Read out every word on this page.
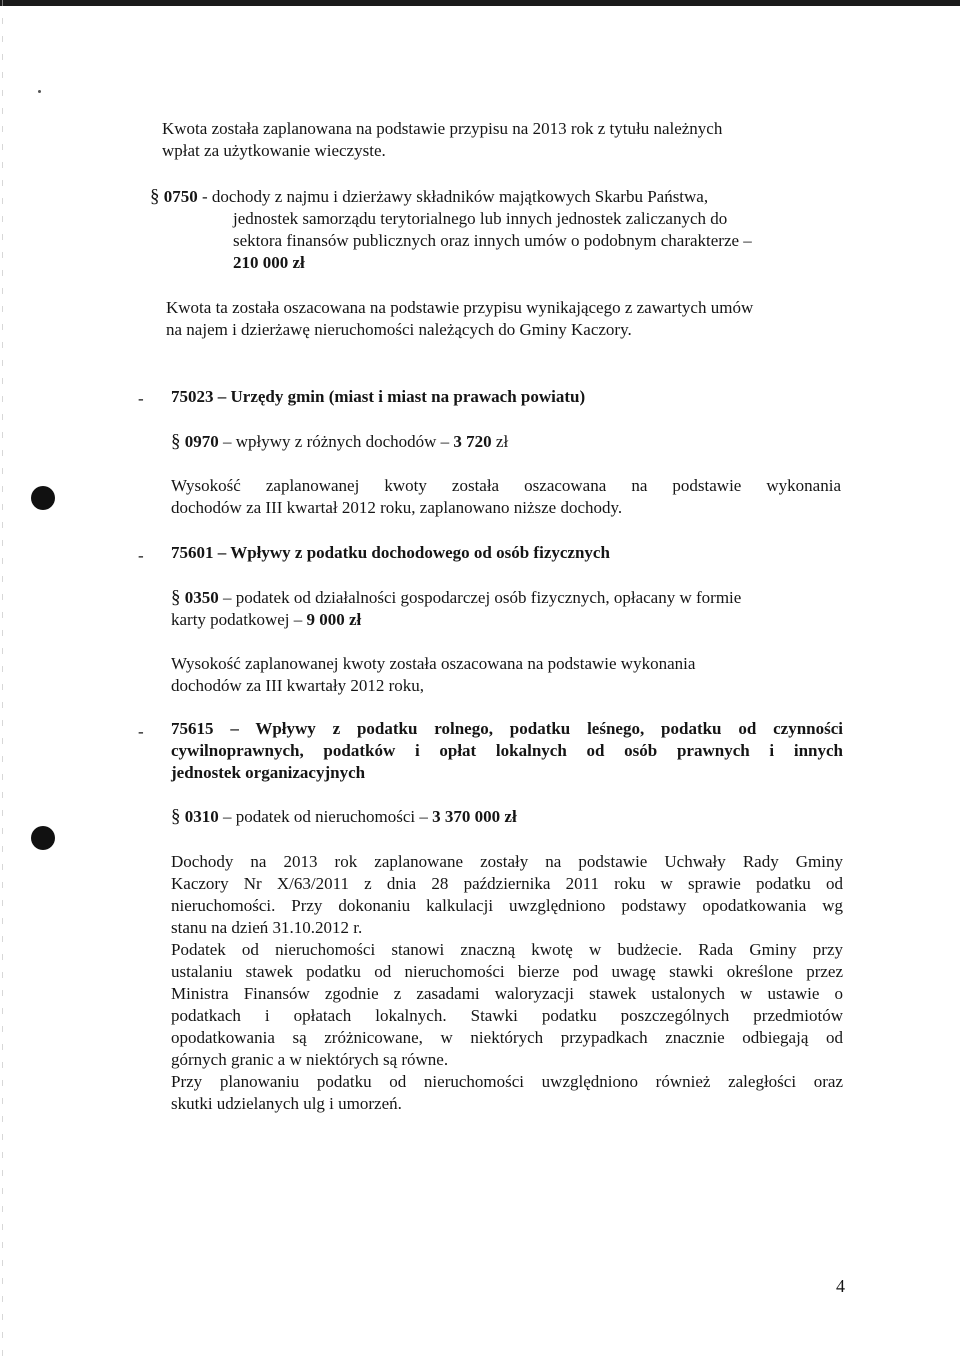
Kwota została zaplanowana na podstawie przypisu na 2013 rok z tytułu należnych
wpłat za użytkowanie wieczyste.
§ 0750 - dochody z najmu i dzierżawy składników majątkowych Skarbu Państwa,
jednostek samorządu terytorialnego lub innych jednostek zaliczanych do
sektora finansów publicznych oraz innych umów o podobnym charakterze –
210 000 zł
Kwota ta została oszacowana na podstawie przypisu wynikającego z zawartych umów
na najem i dzierżawę nieruchomości należących do Gminy Kaczory.
- 75023 – Urzędy gmin (miast i miast na prawach powiatu)
§ 0970 – wpływy z różnych dochodów – 3 720 zł
Wysokość zaplanowanej kwoty została oszacowana na podstawie wykonania
dochodów za III kwartał 2012 roku, zaplanowano niższe dochody.
- 75601 – Wpływy z podatku dochodowego od osób fizycznych
§ 0350 – podatek od działalności gospodarczej osób fizycznych, opłacany w formie
karty podatkowej – 9 000 zł
Wysokość zaplanowanej kwoty została oszacowana na podstawie wykonania
dochodów za III kwartały 2012 roku,
- 75615 – Wpływy z podatku rolnego, podatku leśnego, podatku od czynności
cywilnoprawnych, podatków i opłat lokalnych od osób prawnych i innych
jednostek organizacyjnych
§ 0310 – podatek od nieruchomości – 3 370 000 zł
Dochody na 2013 rok zaplanowane zostały na podstawie Uchwały Rady Gminy
Kaczory Nr X/63/2011 z dnia 28 października 2011 roku w sprawie podatku od
nieruchomości. Przy dokonaniu kalkulacji uwzględniono podstawy opodatkowania wg
stanu na dzień 31.10.2012 r.
Podatek od nieruchomości stanowi znaczną kwotę w budżecie. Rada Gminy przy
ustalaniu stawek podatku od nieruchomości bierze pod uwagę stawki określone przez
Ministra Finansów zgodnie z zasadami waloryzacji stawek ustalonych w ustawie o
podatkach i opłatach lokalnych. Stawki podatku poszczególnych przedmiotów
opodatkowania są zróżnicowane, w niektórych przypadkach znacznie odbiegają od
górnych granic a w niektórych są równe.
Przy planowaniu podatku od nieruchomości uwzględniono również zaległości oraz
skutki udzielanych ulg i umorzeń.
4
